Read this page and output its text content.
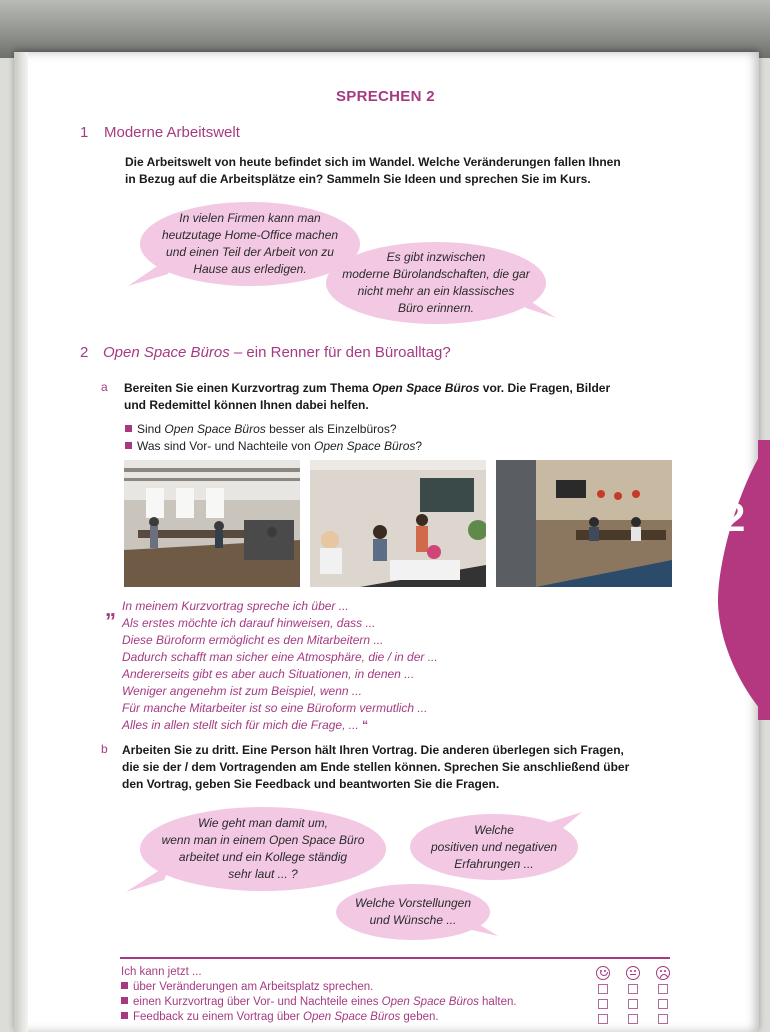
2
SPRECHEN 2
1 Moderne Arbeitswelt
Die Arbeitswelt von heute befindet sich im Wandel. Welche Veränderungen fallen Ihnen
in Bezug auf die Arbeitsplätze ein? Sammeln Sie Ideen und sprechen Sie im Kurs.
In vielen Firmen kann man
heutzutage Home-Office machen
und einen Teil der Arbeit von zu
Hause aus erledigen.
Es gibt inzwischen
moderne Bürolandschaften, die gar
nicht mehr an ein klassisches
Büro erinnern.
2 Open Space Büros – ein Renner für den Büroalltag?
a Bereiten Sie einen Kurzvortrag zum Thema Open Space Büros vor. Die Fragen, Bilder
und Redemittel können Ihnen dabei helfen.
Sind Open Space Büros besser als Einzelbüros?
Was sind Vor- und Nachteile von Open Space Büros?
„ In meinem Kurzvortrag spreche ich über ...
Als erstes möchte ich darauf hinweisen, dass ...
Diese Büroform ermöglicht es den Mitarbeitern ...
Dadurch schafft man sicher eine Atmosphäre, die / in der ...
Andererseits gibt es aber auch Situationen, in denen ...
Weniger angenehm ist zum Beispiel, wenn ...
Für manche Mitarbeiter ist so eine Büroform vermutlich ...
Alles in allen stellt sich für mich die Frage, ... “
b Arbeiten Sie zu dritt. Eine Person hält Ihren Vortrag. Die anderen überlegen sich Fragen,
die sie der / dem Vortragenden am Ende stellen können. Sprechen Sie anschließend über
den Vortrag, geben Sie Feedback und beantworten Sie die Fragen.
Wie geht man damit um,
wenn man in einem Open Space Büro
arbeitet und ein Kollege ständig
sehr laut ... ?
Welche
positiven und negativen
Erfahrungen ...
Welche Vorstellungen
und Wünsche ...
Ich kann jetzt ...
über Veränderungen am Arbeitsplatz sprechen.
einen Kurzvortrag über Vor- und Nachteile eines Open Space Büros halten.
Feedback zu einem Vortrag über Open Space Büros geben.
